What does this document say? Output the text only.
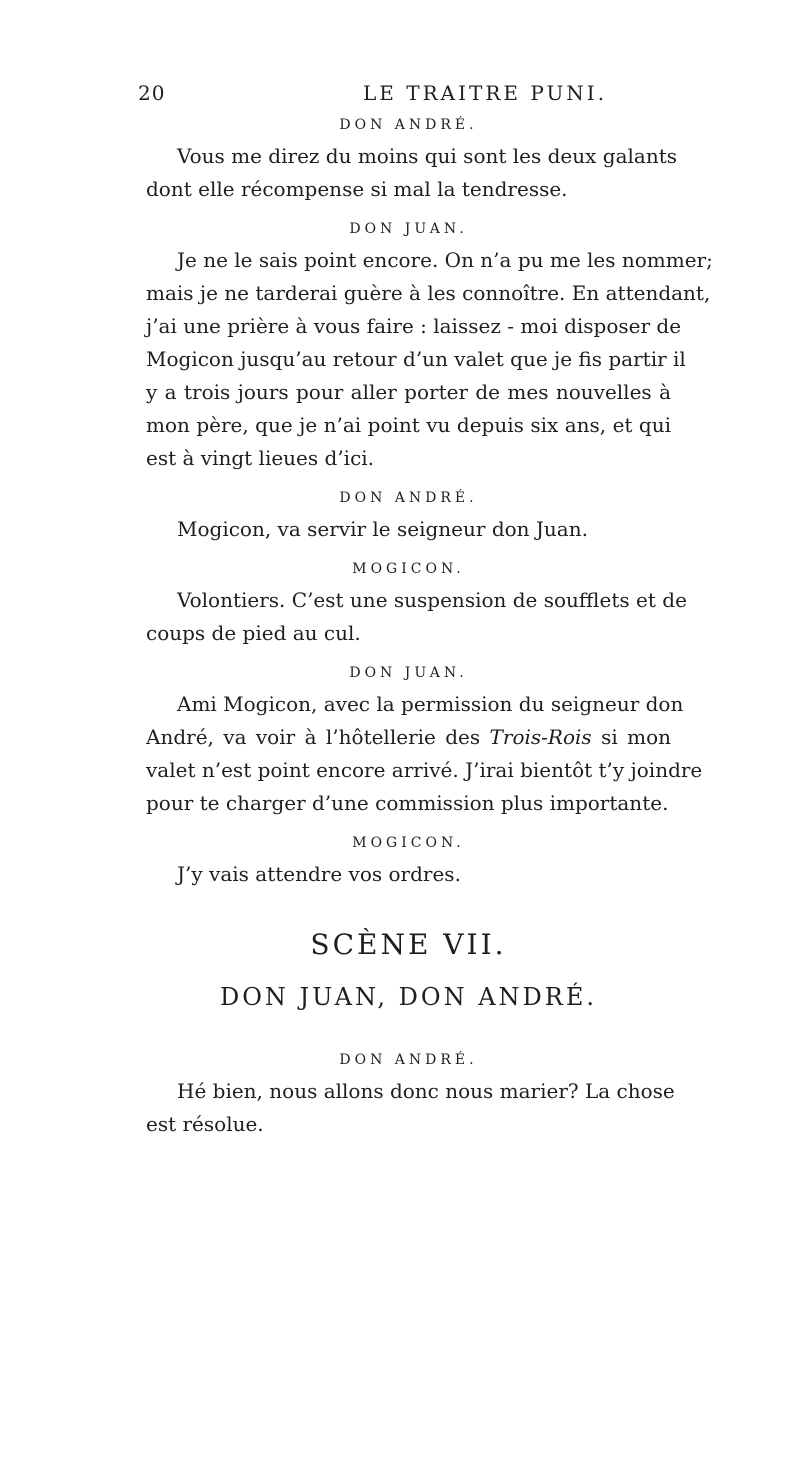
20	LE TRAITRE PUNI.
DON ANDRÉ.
Vous me direz du moins qui sont les deux galants
dont elle récompense si mal la tendresse.
DON JUAN.
Je ne le sais point encore. On n’a pu me les nommer;
mais je ne tarderai guère à les connoître. En attendant,
j’ai une prière à vous faire : laissez - moi disposer de
Mogicon jusqu’au retour d’un valet que je fis partir il
y a trois jours pour aller porter de mes nouvelles à
mon père, que je n’ai point vu depuis six ans, et qui
est à vingt lieues d’ici.
DON ANDRÉ.
Mogicon, va servir le seigneur don Juan.
MOGICON.
Volontiers. C’est une suspension de soufflets et de
coups de pied au cul.
DON JUAN.
Ami Mogicon, avec la permission du seigneur don
André, va voir à l’hôtellerie des Trois-Rois si mon
valet n’est point encore arrivé. J’irai bientôt t’y joindre
pour te charger d’une commission plus importante.
MOGICON.
J’y vais attendre vos ordres.
SCÈNE VII.
DON JUAN, DON ANDRÉ.
DON ANDRÉ.
Hé bien, nous allons donc nous marier? La chose
est résolue.
